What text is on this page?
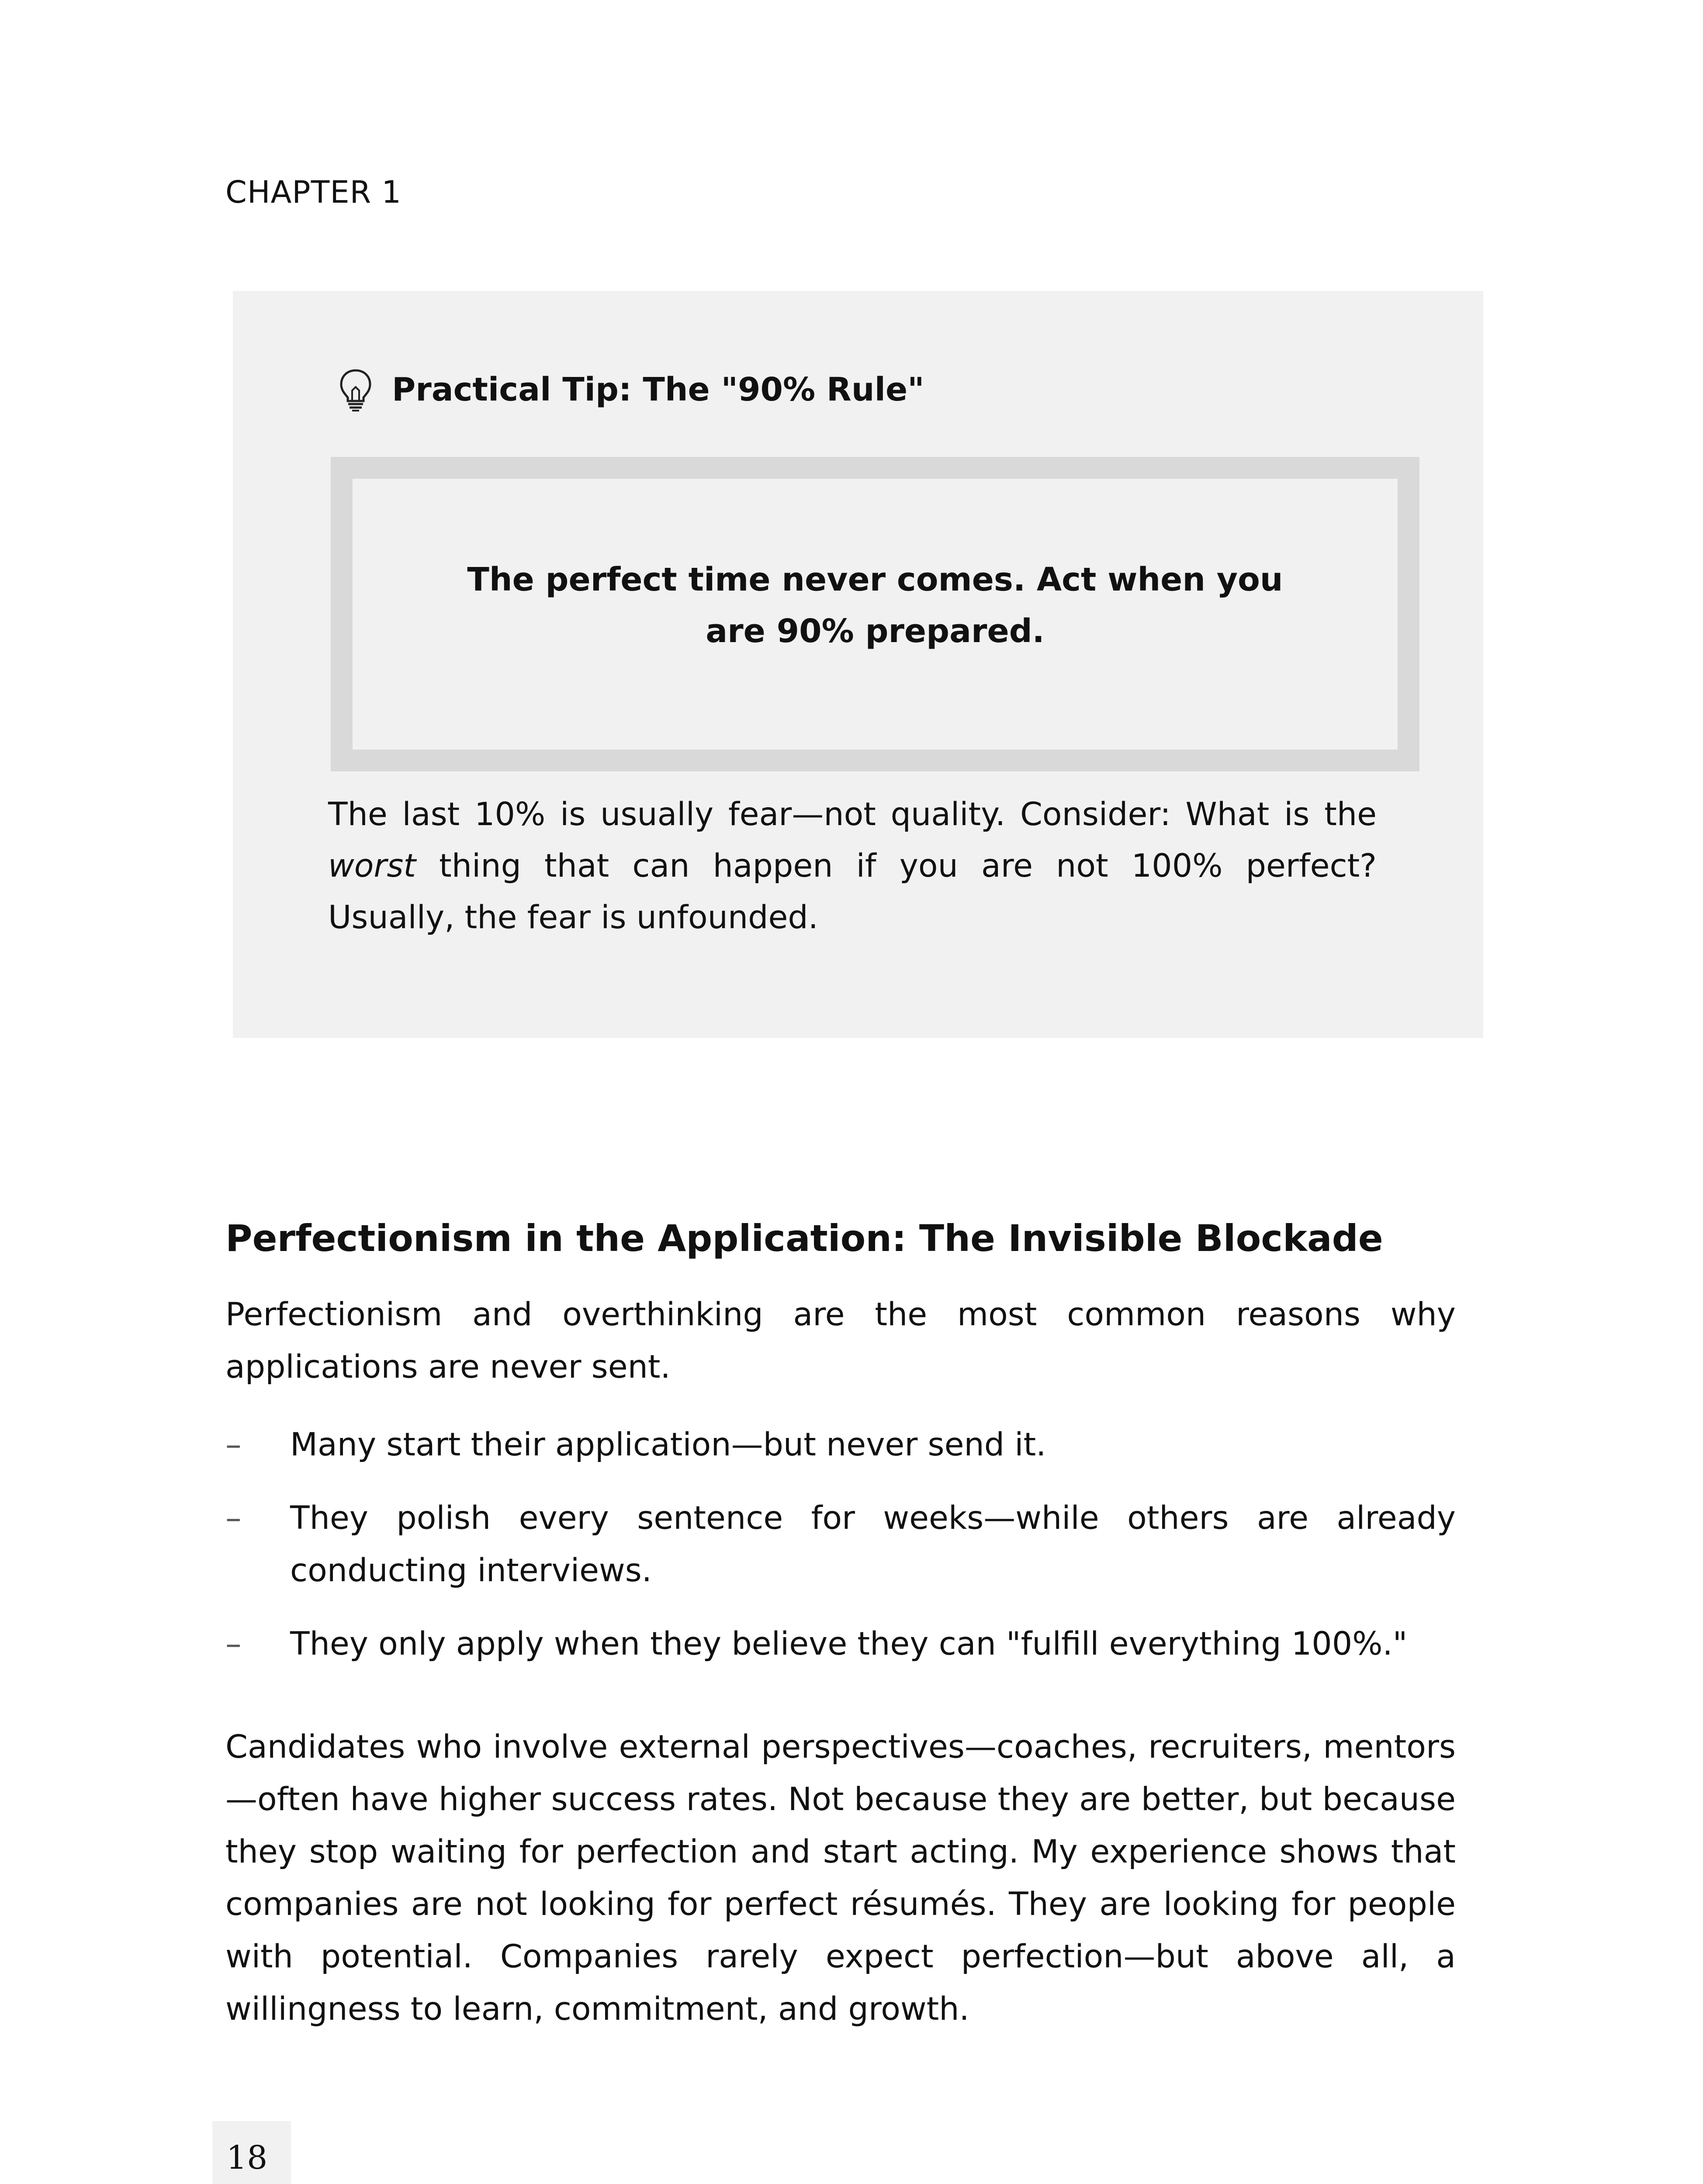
CHAPTER 1
Practical Tip: The "90% Rule"
The perfect time never comes. Act when you are 90% prepared.
The last 10% is usually fear—not quality. Consider: What is the worst thing that can happen if you are not 100% perfect? Usually, the fear is unfounded.
Perfectionism in the Application: The Invisible Blockade
Perfectionism and overthinking are the most common reasons why applications are never sent.
– Many start their application—but never send it.
– They polish every sentence for weeks—while others are already conducting interviews.
– They only apply when they believe they can "fulfill everything 100%."
Candidates who involve external perspectives—coaches, recruiters, mentors—often have higher success rates. Not because they are better, but because they stop waiting for perfection and start acting. My experience shows that companies are not looking for perfect résumés. They are looking for people with potential. Companies rarely expect perfection—but above all, a willingness to learn, commitment, and growth.
18
